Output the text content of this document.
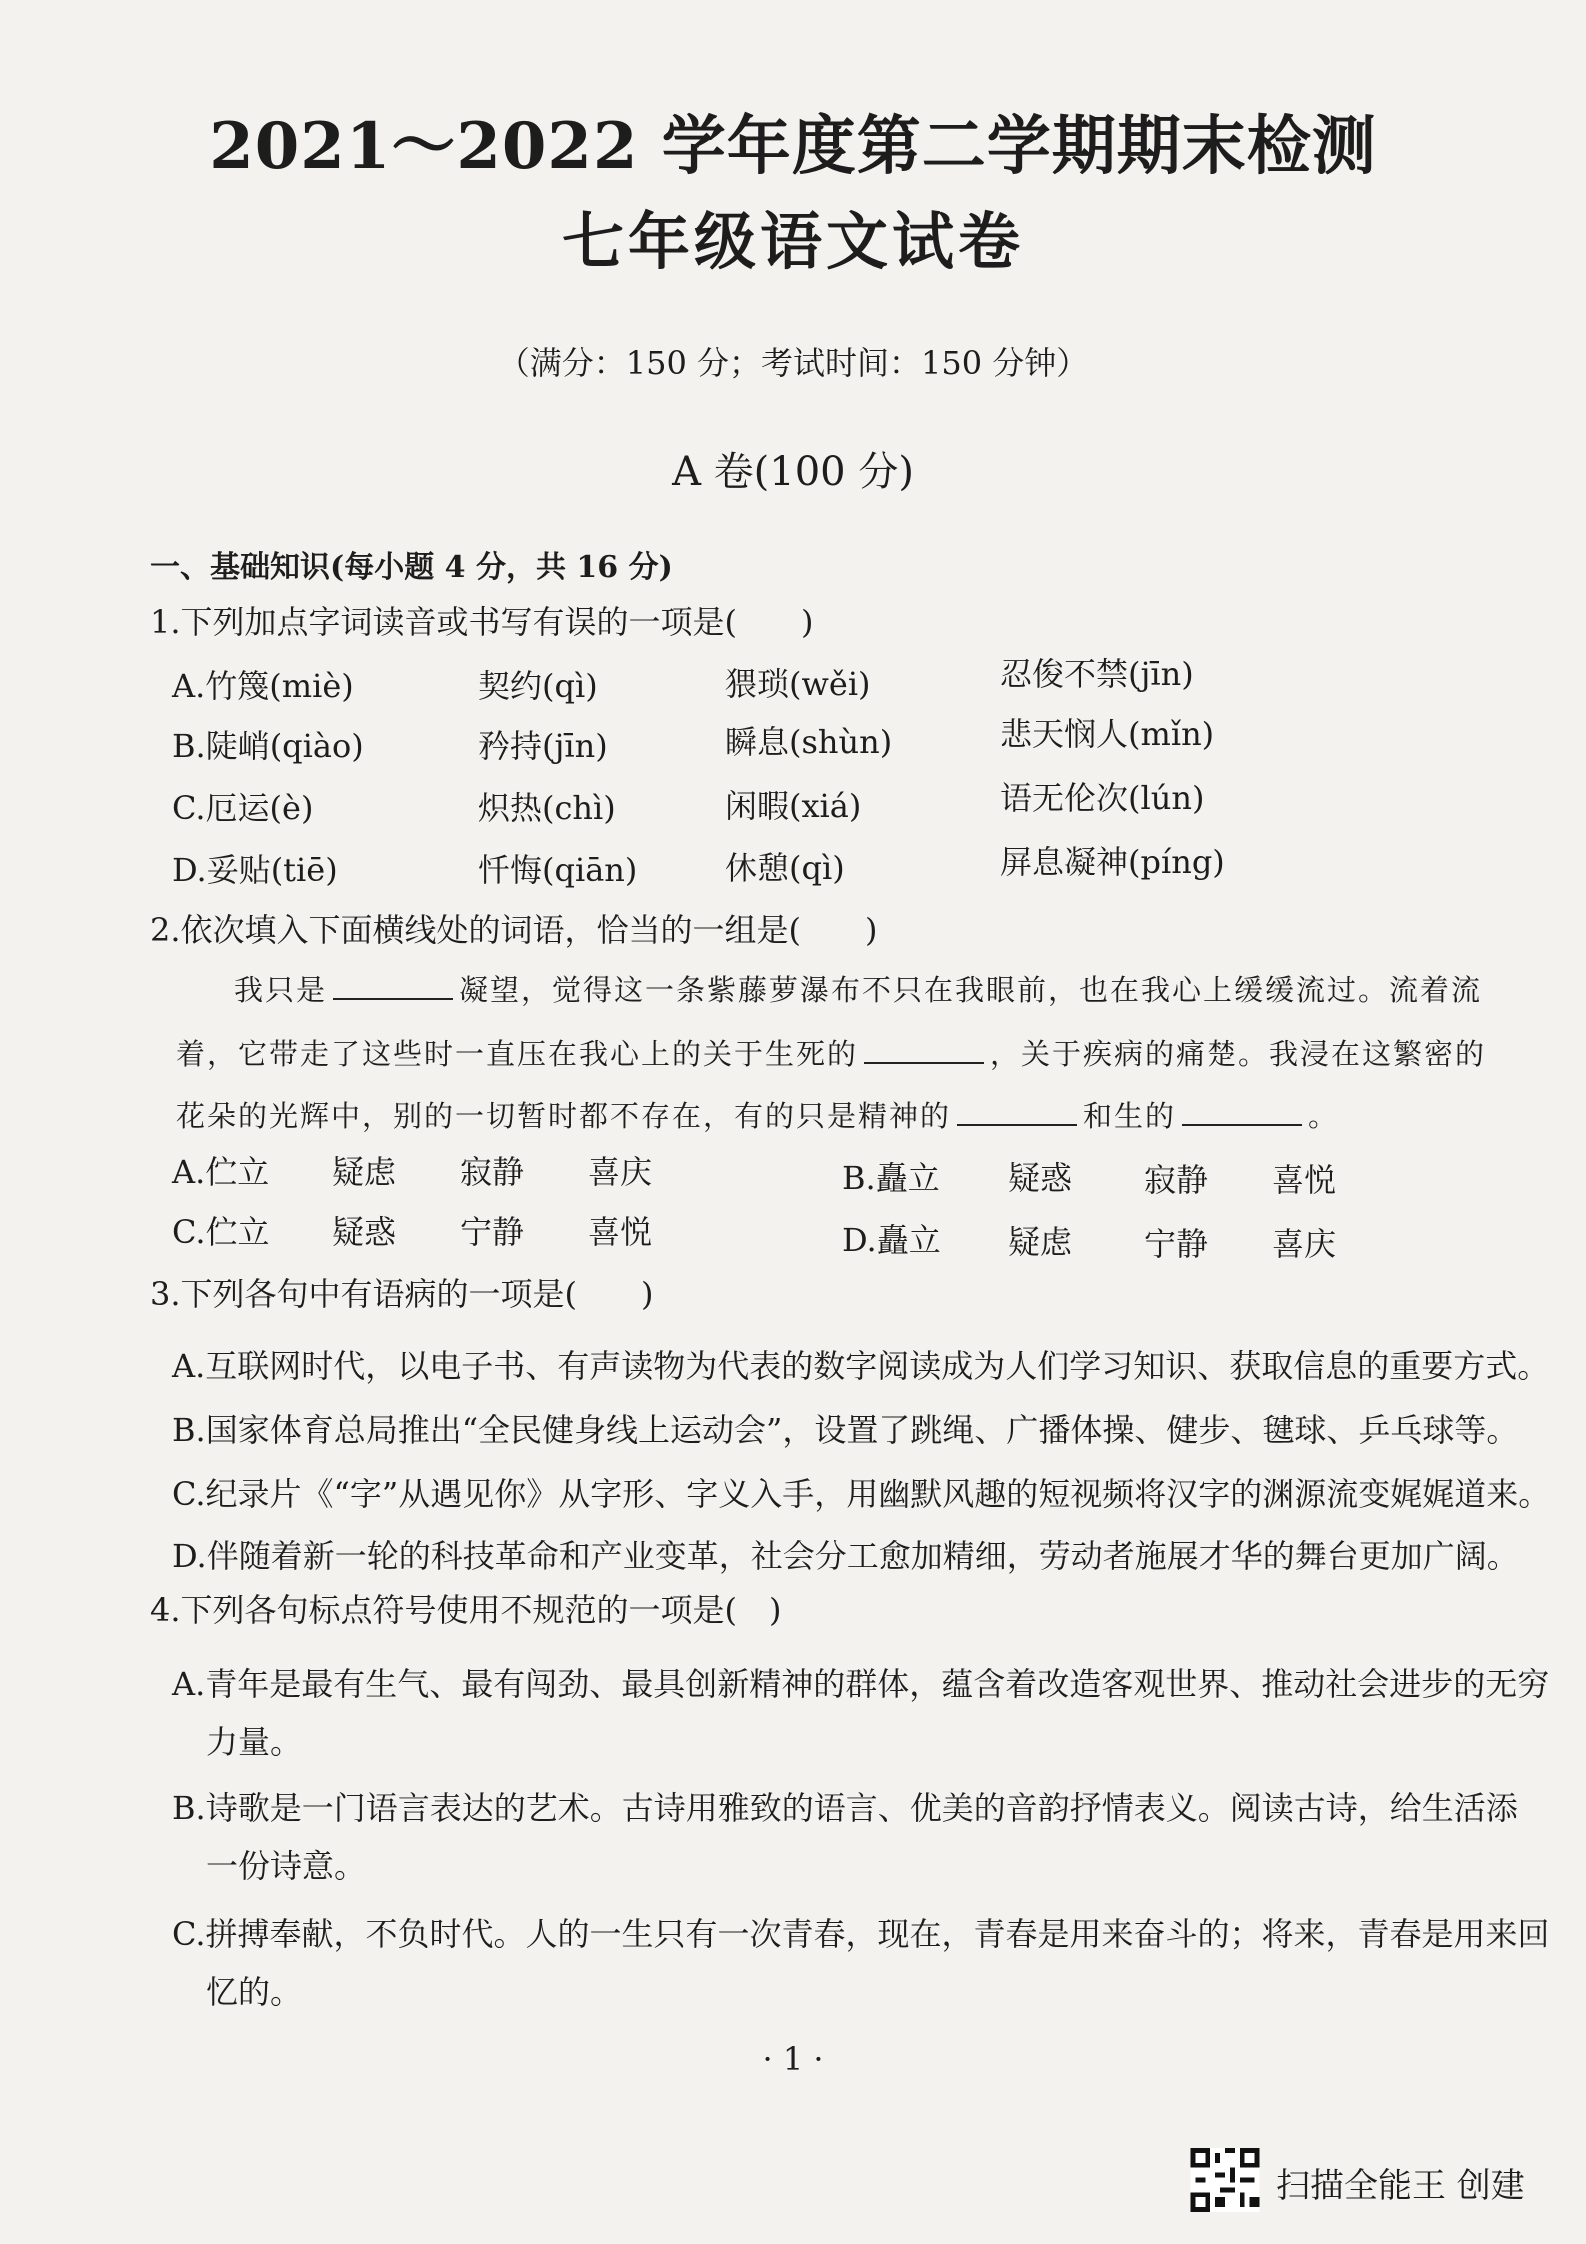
2021～2022 学年度第二学期期末检测
七年级语文试卷
（满分：150 分；考试时间：150 分钟）
A 卷(100 分)
一、基础知识(每小题 4 分，共 16 分)
1.下列加点字词读音或书写有误的一项是(　　)
A.竹篾(miè)	契约(qì)	猥琐(wěi)	忍俊不禁(jīn)
B.陡峭(qiào)	矜持(jīn)	瞬息(shùn)	悲天悯人(mǐn)
C.厄运(è)	炽热(chì)	闲暇(xiá)	语无伦次(lún)
D.妥贴(tiē)	忏悔(qiān)	休憩(qì)	屏息凝神(píng)
2.依次填入下面横线处的词语，恰当的一组是(　　)
我只是	凝望，觉得这一条紫藤萝瀑布不只在我眼前，也在我心上缓缓流过。流着流
着，它带走了这些时一直压在我心上的关于生死的	，关于疾病的痛楚。我浸在这繁密的
花朵的光辉中，别的一切暂时都不存在，有的只是精神的	和生的	。
A.伫立 疑虑 寂静 喜庆	B.矗立 疑惑 寂静 喜悦
C.伫立 疑惑 宁静 喜悦	D.矗立 疑虑 宁静 喜庆
3.下列各句中有语病的一项是(　　)
A.互联网时代，以电子书、有声读物为代表的数字阅读成为人们学习知识、获取信息的重要方式。
B.国家体育总局推出“全民健身线上运动会”，设置了跳绳、广播体操、健步、毽球、乒乓球等。
C.纪录片《“字”从遇见你》从字形、字义入手，用幽默风趣的短视频将汉字的渊源流变娓娓道来。
D.伴随着新一轮的科技革命和产业变革，社会分工愈加精细，劳动者施展才华的舞台更加广阔。
4.下列各句标点符号使用不规范的一项是(　)
A.青年是最有生气、最有闯劲、最具创新精神的群体，蕴含着改造客观世界、推动社会进步的无穷
力量。
B.诗歌是一门语言表达的艺术。古诗用雅致的语言、优美的音韵抒情表义。阅读古诗，给生活添
一份诗意。
C.拼搏奉献，不负时代。人的一生只有一次青春，现在，青春是用来奋斗的；将来，青春是用来回
忆的。
· 1 ·
扫描全能王 创建
